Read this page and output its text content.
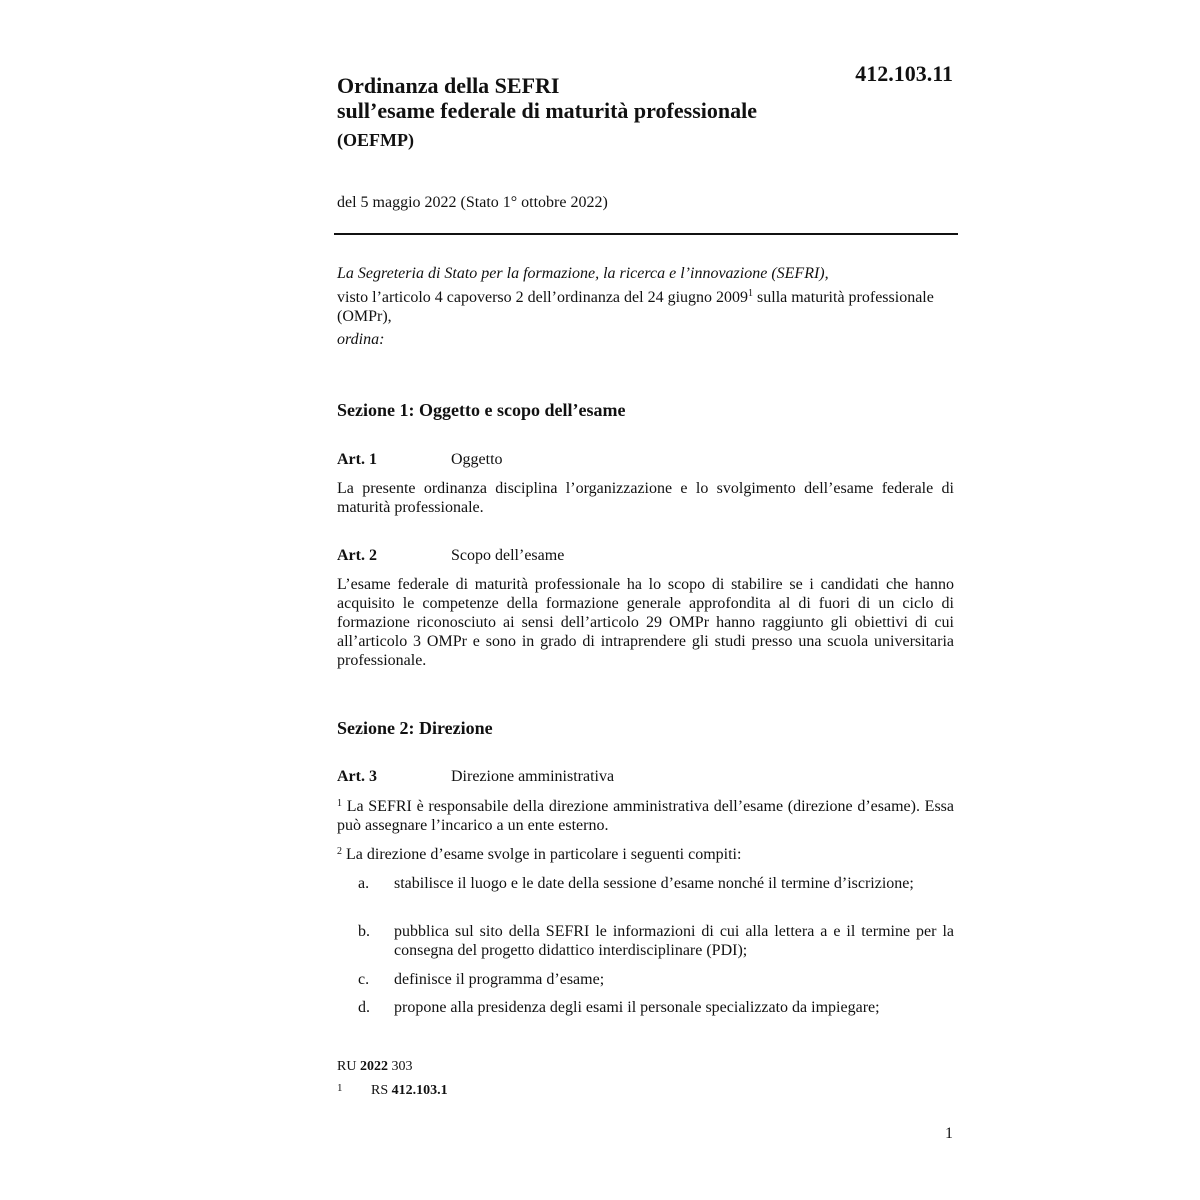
412.103.11
Ordinanza della SEFRI
sull’esame federale di maturità professionale
(OEFMP)
del 5 maggio 2022 (Stato 1° ottobre 2022)
La Segreteria di Stato per la formazione, la ricerca e l’innovazione (SEFRI),
visto l’articolo 4 capoverso 2 dell’ordinanza del 24 giugno 2009$^1$ sulla maturità professionale (OMPr),
ordina:
Sezione 1: Oggetto e scopo dell’esame
Art. 1	Oggetto
La presente ordinanza disciplina l’organizzazione e lo svolgimento dell’esame federale di maturità professionale.
Art. 2	Scopo dell’esame
L’esame federale di maturità professionale ha lo scopo di stabilire se i candidati che hanno acquisito le competenze della formazione generale approfondita al di fuori di un ciclo di formazione riconosciuto ai sensi dell’articolo 29 OMPr hanno raggiunto gli obiettivi di cui all’articolo 3 OMPr e sono in grado di intraprendere gli studi presso una scuola universitaria professionale.
Sezione 2: Direzione
Art. 3	Direzione amministrativa
$^1$ La SEFRI è responsabile della direzione amministrativa dell’esame (direzione d’esame). Essa può assegnare l’incarico a un ente esterno.
$^2$ La direzione d’esame svolge in particolare i seguenti compiti:
a. stabilisce il luogo e le date della sessione d’esame nonché il termine d’iscrizione;
b. pubblica sul sito della SEFRI le informazioni di cui alla lettera a e il termine per la consegna del progetto didattico interdisciplinare (PDI);
c. definisce il programma d’esame;
d. propone alla presidenza degli esami il personale specializzato da impiegare;
RU 2022 303
1 RS 412.103.1
1
